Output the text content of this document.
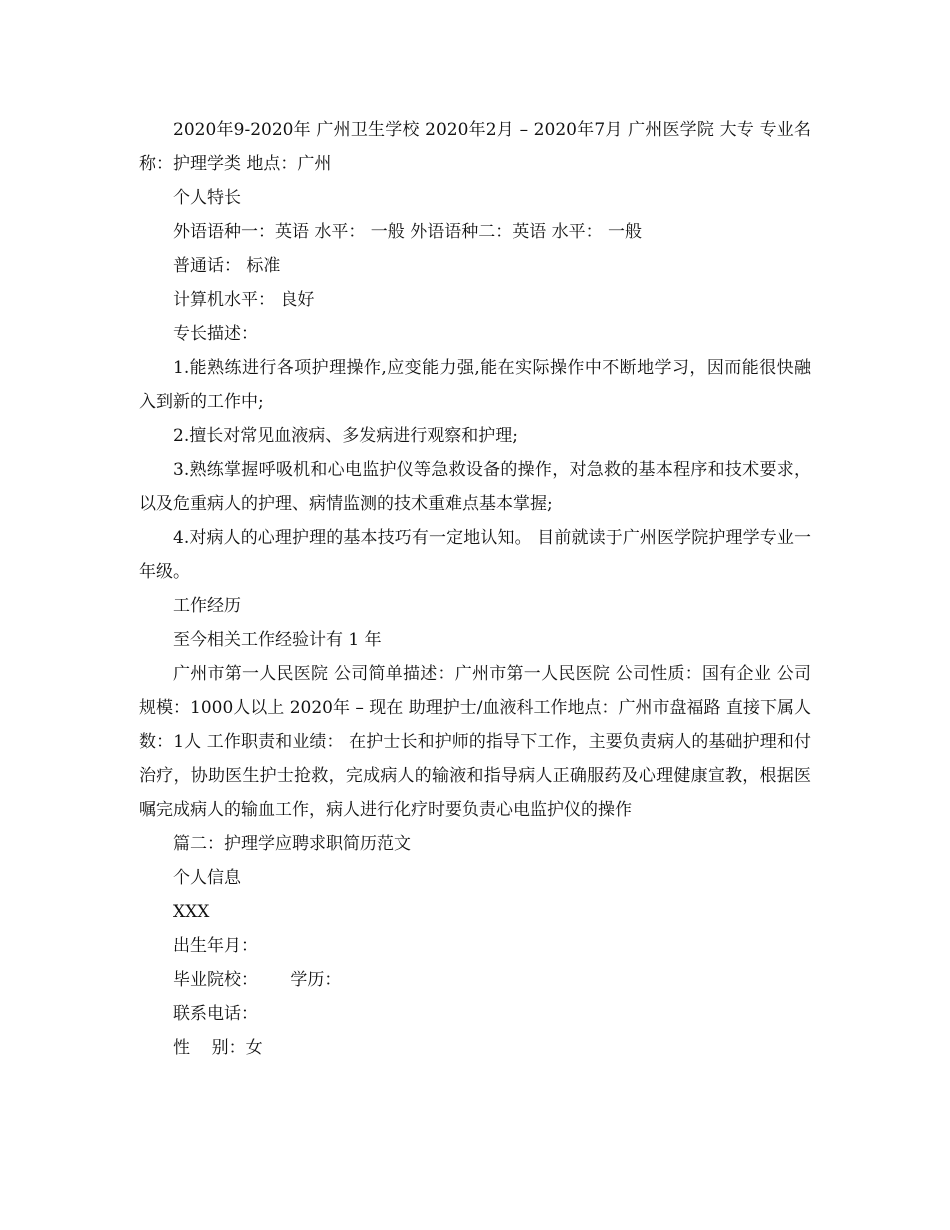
2020年9-2020年 广州卫生学校 2020年2月 – 2020年7月 广州医学院 大专 专业名称：护理学类 地点：广州

个人特长

外语语种一：英语 水平： 一般 外语语种二：英语 水平： 一般

普通话： 标准

计算机水平： 良好

专长描述：

1.能熟练进行各项护理操作,应变能力强,能在实际操作中不断地学习，因而能很快融入到新的工作中;

2.擅长对常见血液病、多发病进行观察和护理;

3.熟练掌握呼吸机和心电监护仪等急救设备的操作，对急救的基本程序和技术要求，以及危重病人的护理、病情监测的技术重难点基本掌握;

4.对病人的心理护理的基本技巧有一定地认知。 目前就读于广州医学院护理学专业一年级。

工作经历

至今相关工作经验计有 1 年

广州市第一人民医院 公司简单描述：广州市第一人民医院 公司性质：国有企业 公司规模：1000人以上 2020年 – 现在 助理护士/血液科工作地点：广州市盘福路 直接下属人数：1人 工作职责和业绩： 在护士长和护师的指导下工作，主要负责病人的基础护理和付治疗，协助医生护士抢救，完成病人的输液和指导病人正确服药及心理健康宣教，根据医嘱完成病人的输血工作，病人进行化疗时要负责心电监护仪的操作

篇二：护理学应聘求职简历范文

个人信息

XXX

出生年月：

毕业院校：      学历：

联系电话：

性    别：女
